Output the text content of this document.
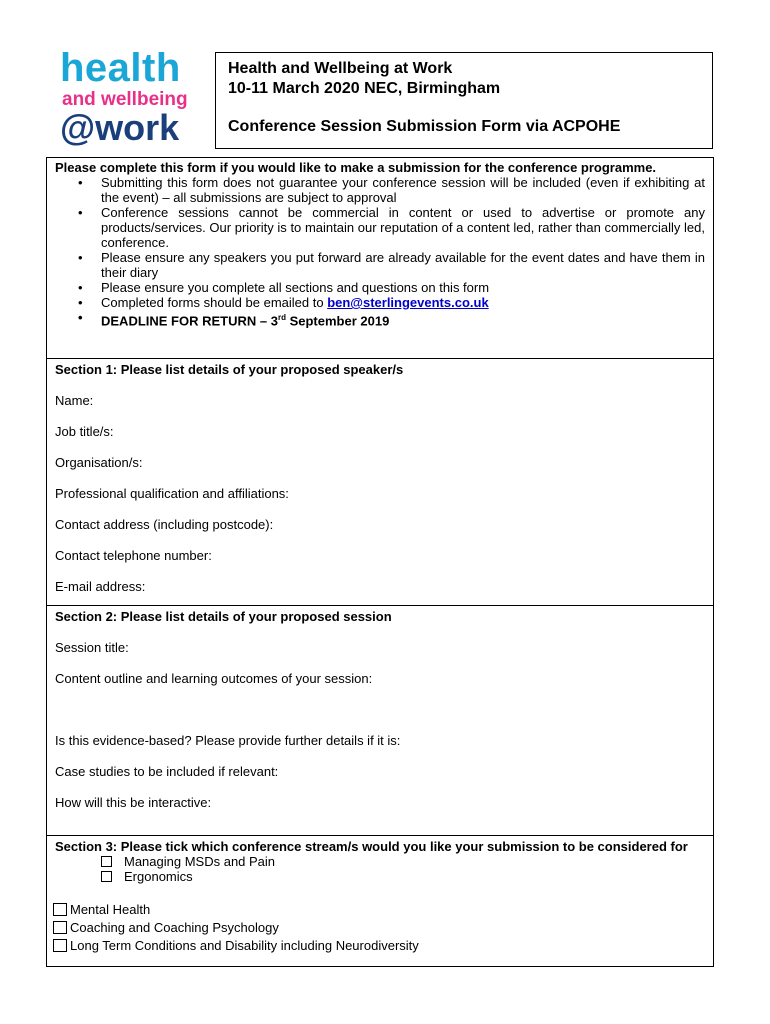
health
and wellbeing
@work
Health and Wellbeing at Work
10-11 March 2020 NEC, Birmingham
Conference Session Submission Form via ACPOHE
Please complete this form if you would like to make a submission for the conference programme.
• Submitting this form does not guarantee your conference session will be included (even if exhibiting at the event) – all submissions are subject to approval
• Conference sessions cannot be commercial in content or used to advertise or promote any products/services. Our priority is to maintain our reputation of a content led, rather than commercially led, conference.
• Please ensure any speakers you put forward are already available for the event dates and have them in their diary
• Please ensure you complete all sections and questions on this form
• Completed forms should be emailed to ben@sterlingevents.co.uk
• DEADLINE FOR RETURN – 3rd September 2019
Section 1: Please list details of your proposed speaker/s
Name:
Job title/s:
Organisation/s:
Professional qualification and affiliations:
Contact address (including postcode):
Contact telephone number:
E-mail address:
Section 2: Please list details of your proposed session
Session title:
Content outline and learning outcomes of your session:
Is this evidence-based? Please provide further details if it is:
Case studies to be included if relevant:
How will this be interactive:
Section 3: Please tick which conference stream/s would you like your submission to be considered for
Managing MSDs and Pain
Ergonomics
Mental Health
Coaching and Coaching Psychology
Long Term Conditions and Disability including Neurodiversity
